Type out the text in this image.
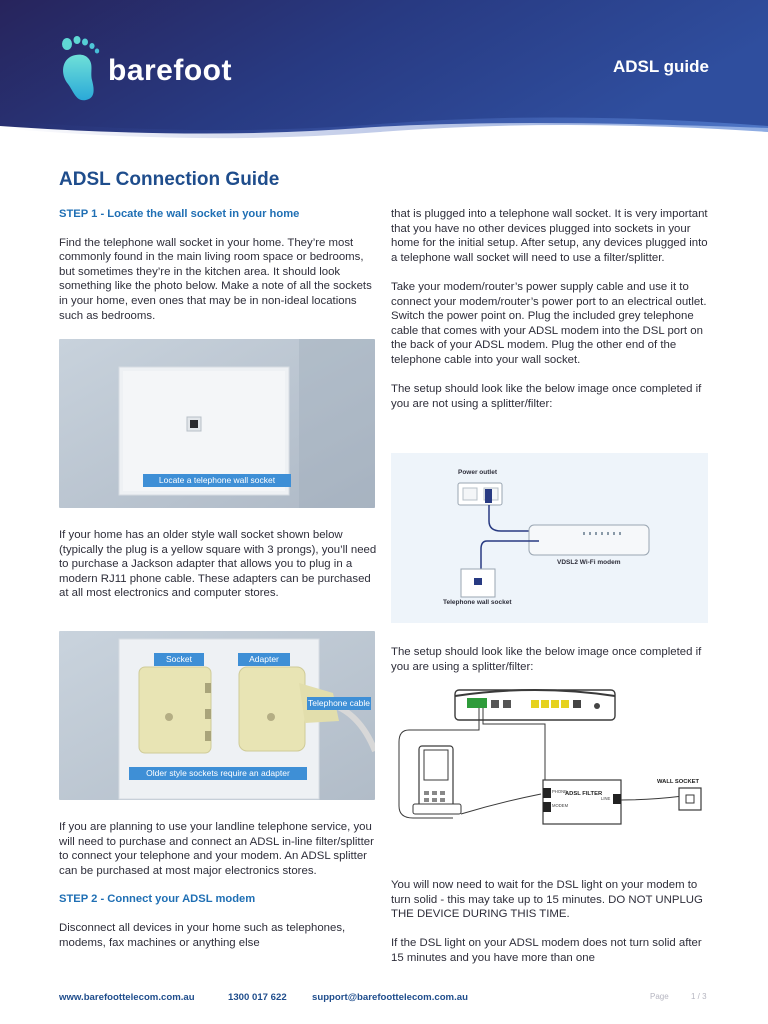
barefoot	ADSL guide
ADSL Connection Guide

STEP 1 - Locate the wall socket in your home

Find the telephone wall socket in your home. They’re most commonly found in the main living room space or bedrooms, but sometimes they’re in the kitchen area. It should look something like the photo below. Make a note of all the sockets in your home, even ones that may be in non-ideal locations such as bedrooms.

Locate a telephone wall socket
If your home has an older style wall socket shown below (typically the plug is a yellow square with 3 prongs), you’ll need to purchase a Jackson adapter that allows you to plug in a modern RJ11 phone cable. These adapters can be purchased at all most electronics and computer stores.
Socket	Adapter
Telephone cable
Older style sockets require an adapter

If you are planning to use your landline telephone service, you will need to purchase and connect an ADSL in-line filter/splitter to connect your telephone and your modem. An ADSL splitter can be purchased at most major electronics stores.

STEP 2 - Connect your ADSL modem

Disconnect all devices in your home such as telephones, modems, fax machines or anything else

that is plugged into a telephone wall socket. It is very important that you have no other devices plugged into sockets in your home for the initial setup. After setup, any devices plugged into a telephone wall socket will need to use a filter/splitter.

Take your modem/router’s power supply cable and use it to connect your modem/router’s power port to an electrical outlet. Switch the power point on. Plug the included grey telephone cable that comes with your ADSL modem into the DSL port on the back of your ADSL modem. Plug the other end of the telephone cable into your wall socket.

The setup should look like the below image once completed if you are not using a splitter/filter:

Power outlet
VDSL2 Wi-Fi modem
Telephone wall socket
The setup should look like the below image once completed if you are using a splitter/filter:
ADSL FILTER
WALL SOCKET
PHONE
MODEM
LINE

You will now need to wait for the DSL light on your modem to turn solid - this may take up to 15 minutes. DO NOT UNPLUG THE DEVICE DURING THIS TIME.

If the DSL light on your ADSL modem does not turn solid after 15 minutes and you have more than one

www.barefoottelecom.com.au	1300 017 622	support@barefoottelecom.com.au	Page	1 / 3
